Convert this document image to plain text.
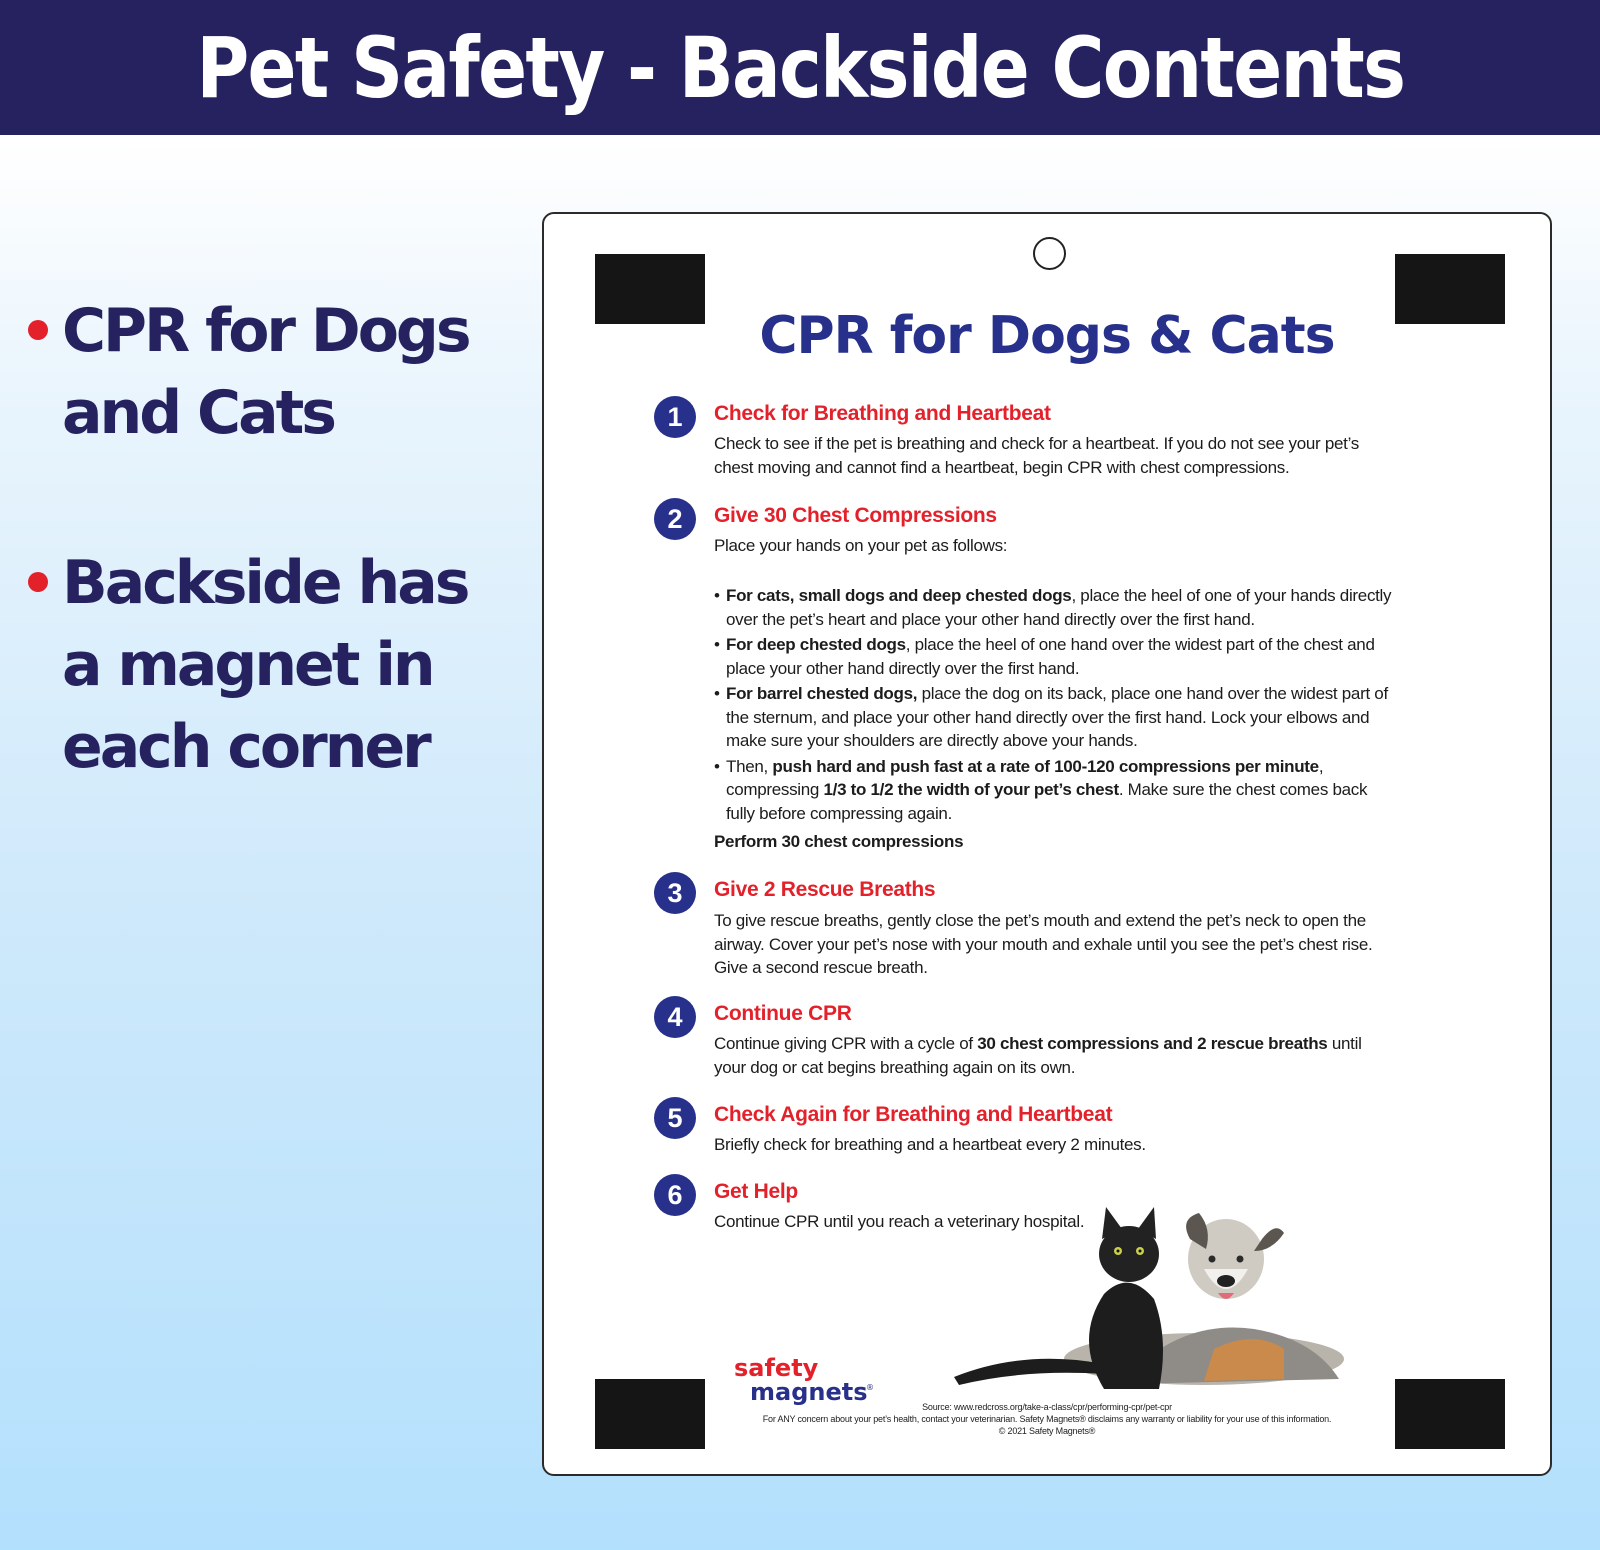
Pet Safety - Backside Contents
CPR for Dogs and Cats
Backside has a magnet in each corner
CPR for Dogs & Cats
1	Check for Breathing and Heartbeat
Check to see if the pet is breathing and check for a heartbeat. If you do not see your pet’s chest moving and cannot find a heartbeat, begin CPR with chest compressions.
2	Give 30 Chest Compressions
Place your hands on your pet as follows:
• For cats, small dogs and deep chested dogs, place the heel of one of your hands directly over the pet’s heart and place your other hand directly over the first hand.
• For deep chested dogs, place the heel of one hand over the widest part of the chest and place your other hand directly over the first hand.
• For barrel chested dogs, place the dog on its back, place one hand over the widest part of the sternum, and place your other hand directly over the first hand. Lock your elbows and make sure your shoulders are directly above your hands.
• Then, push hard and push fast at a rate of 100-120 compressions per minute, compressing 1/3 to 1/2 the width of your pet’s chest. Make sure the chest comes back fully before compressing again.
Perform 30 chest compressions
3	Give 2 Rescue Breaths
To give rescue breaths, gently close the pet’s mouth and extend the pet’s neck to open the airway. Cover your pet’s nose with your mouth and exhale until you see the pet’s chest rise. Give a second rescue breath.
4	Continue CPR
Continue giving CPR with a cycle of 30 chest compressions and 2 rescue breaths until your dog or cat begins breathing again on its own.
5	Check Again for Breathing and Heartbeat
Briefly check for breathing and a heartbeat every 2 minutes.
6	Get Help
Continue CPR until you reach a veterinary hospital.
safety
magnets
®
Source: www.redcross.org/take-a-class/cpr/performing-cpr/pet-cpr
For ANY concern about your pet’s health, contact your veterinarian. Safety Magnets® disclaims any warranty or liability for your use of this information.
© 2021 Safety Magnets®
